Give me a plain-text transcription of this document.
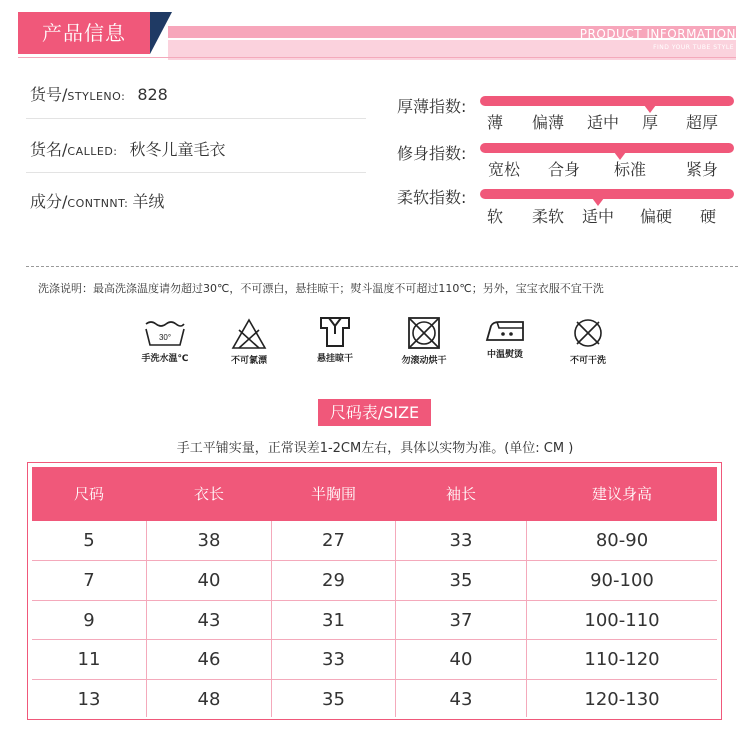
产品信息	PRODUCT INFORMATION
FIND YOUR TUBE STYLE
货号/STYLENO: 828
货名/CALLED: 秋冬儿童毛衣
成分/CONTNNT: 羊绒
厚薄指数:
薄 偏薄 适中 厚 超厚
修身指数:
宽松 合身 标准 紧身
柔软指数:
软 柔软 适中 偏硬 硬
洗涤说明：最高洗涤温度请勿超过30℃，不可漂白，悬挂晾干；熨斗温度不可超过110℃；另外，宝宝衣服不宜干洗
30°
手洗水温℃	不可氯漂	悬挂晾干	勿滚动烘干
中温熨烫
不可干洗
尺码表/SIZE
手工平铺实量，正常误差1-2CM左右，具体以实物为准。(单位: CM )
尺码	衣长	半胸围	袖长	建议身高
5	38	27	33	80-90
7	40	29	35	90-100
9	43	31	37	100-110
11	46	33	40	110-120
13	48	35	43	120-130
